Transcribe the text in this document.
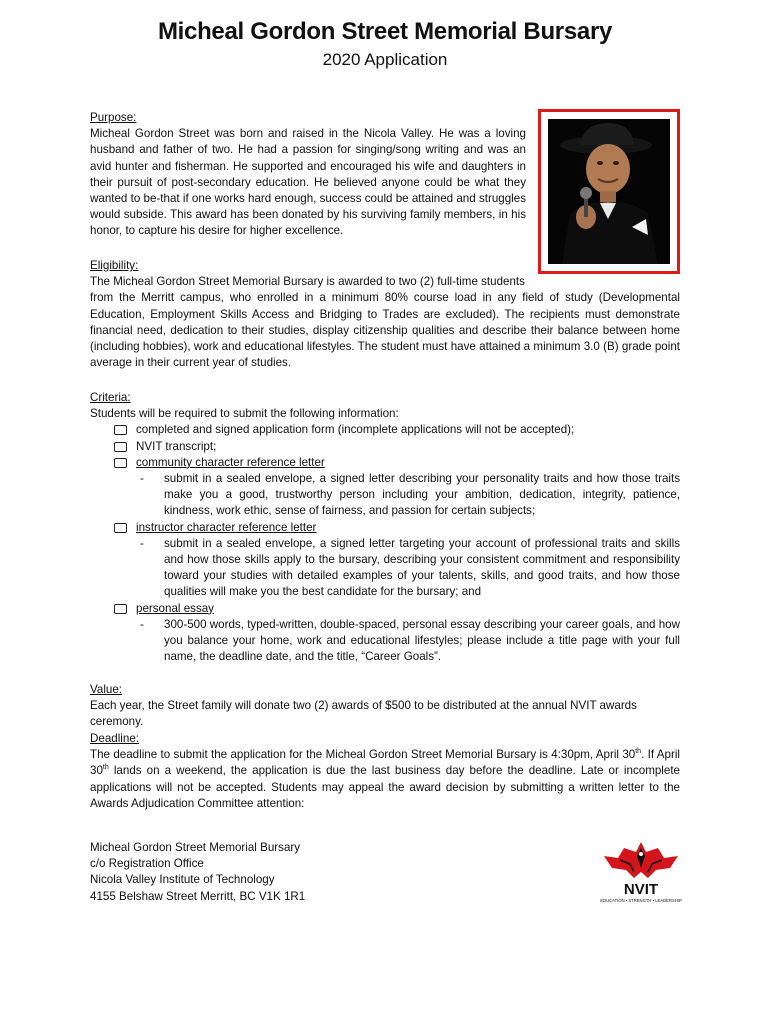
Micheal Gordon Street Memorial Bursary
2020 Application
Purpose:
Micheal Gordon Street was born and raised in the Nicola Valley. He was a loving husband and father of two. He had a passion for singing/song writing and was an avid hunter and fisherman. He supported and encouraged his wife and daughters in their pursuit of post-secondary education. He believed anyone could be what they wanted to be-that if one works hard enough, success could be attained and struggles would subside. This award has been donated by his surviving family members, in his honor, to capture his desire for higher excellence.
Eligibility:
The Micheal Gordon Street Memorial Bursary is awarded to two (2) full-time students
from the Merritt campus, who enrolled in a minimum 80% course load in any field of study (Developmental Education, Employment Skills Access and Bridging to Trades are excluded). The recipients must demonstrate financial need, dedication to their studies, display citizenship qualities and describe their balance between home (including hobbies), work and educational lifestyles. The student must have attained a minimum 3.0 (B) grade point average in their current year of studies.
Criteria:
Students will be required to submit the following information:
completed and signed application form (incomplete applications will not be accepted);
NVIT transcript;
community character reference letter
- submit in a sealed envelope, a signed letter describing your personality traits and how those traits make you a good, trustworthy person including your ambition, dedication, integrity, patience, kindness, work ethic, sense of fairness, and passion for certain subjects;
instructor character reference letter
- submit in a sealed envelope, a signed letter targeting your account of professional traits and skills and how those skills apply to the bursary, describing your consistent commitment and responsibility toward your studies with detailed examples of your talents, skills, and good traits, and how those qualities will make you the best candidate for the bursary; and
personal essay
- 300-500 words, typed-written, double-spaced, personal essay describing your career goals, and how you balance your home, work and educational lifestyles; please include a title page with your full name, the deadline date, and the title, “Career Goals”.
Value:
Each year, the Street family will donate two (2) awards of $500 to be distributed at the annual NVIT awards ceremony.
Deadline:
The deadline to submit the application for the Micheal Gordon Street Memorial Bursary is 4:30pm, April 30th. If April 30th lands on a weekend, the application is due the last business day before the deadline. Late or incomplete applications will not be accepted. Students may appeal the award decision by submitting a written letter to the Awards Adjudication Committee attention:
Micheal Gordon Street Memorial Bursary
c/o Registration Office
Nicola Valley Institute of Technology
4155 Belshaw Street Merritt, BC V1K 1R1	NVIT
EDUCATION • STRENGTH • LEADERSHIP
